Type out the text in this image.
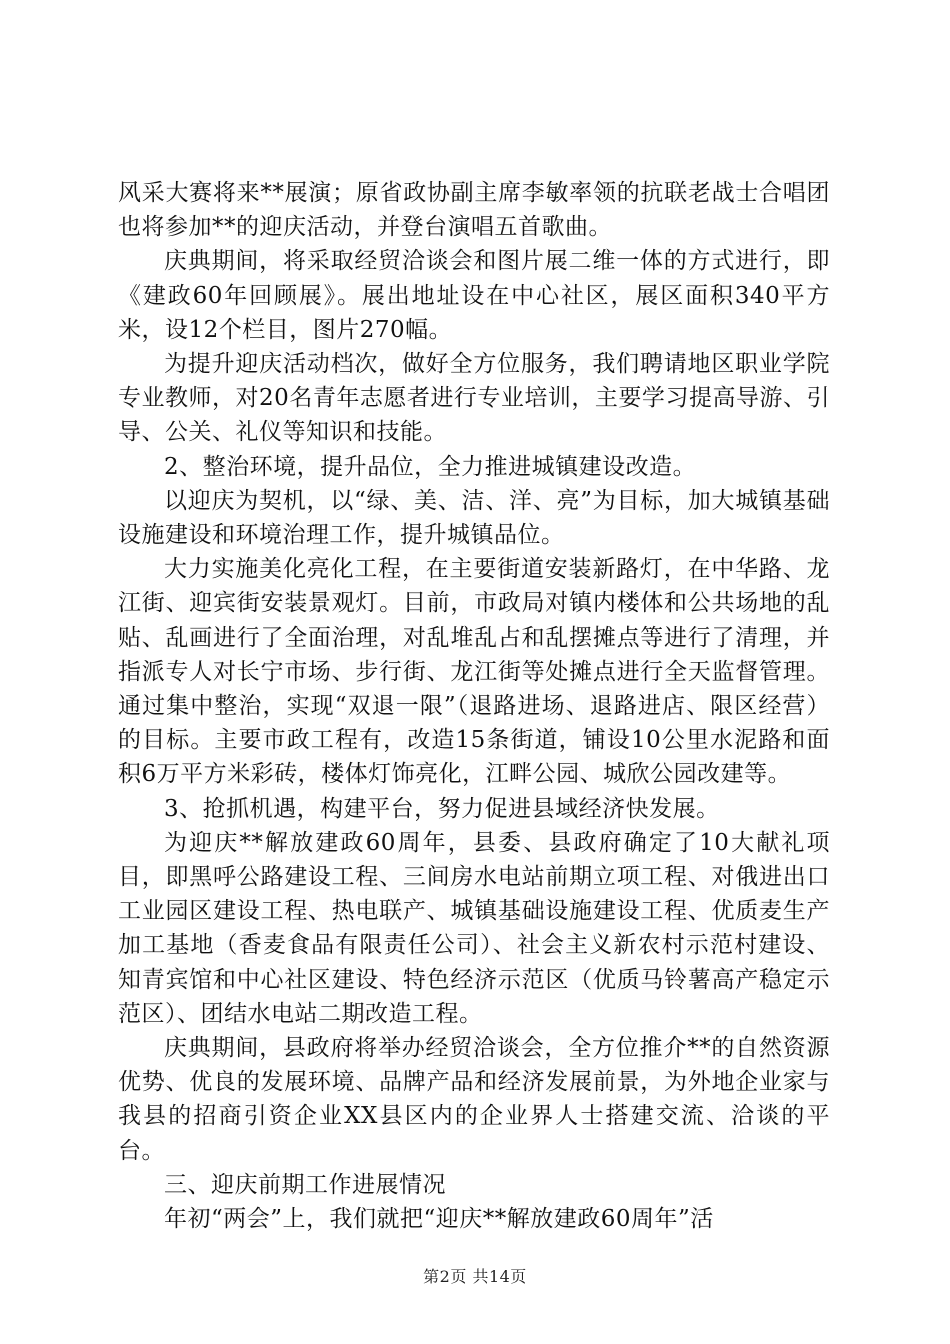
风采大赛将来**展演；原省政协副主席李敏率领的抗联老战士合唱团也将参加**的迎庆活动，并登台演唱五首歌曲。

庆典期间，将采取经贸洽谈会和图片展二维一体的方式进行，即《建政60年回顾展》。展出地址设在中心社区，展区面积340平方米，设12个栏目，图片270幅。

为提升迎庆活动档次，做好全方位服务，我们聘请地区职业学院专业教师，对20名青年志愿者进行专业培训，主要学习提高导游、引导、公关、礼仪等知识和技能。

2、整治环境，提升品位，全力推进城镇建设改造。

以迎庆为契机，以“绿、美、洁、洋、亮”为目标，加大城镇基础设施建设和环境治理工作，提升城镇品位。

大力实施美化亮化工程，在主要街道安装新路灯，在中华路、龙江街、迎宾街安装景观灯。目前，市政局对镇内楼体和公共场地的乱贴、乱画进行了全面治理，对乱堆乱占和乱摆摊点等进行了清理，并指派专人对长宁市场、步行街、龙江街等处摊点进行全天监督管理。通过集中整治，实现“双退一限”（退路进场、退路进店、限区经营）的目标。主要市政工程有，改造15条街道，铺设10公里水泥路和面积6万平方米彩砖，楼体灯饰亮化，江畔公园、城欣公园改建等。

3、抢抓机遇，构建平台，努力促进县域经济快发展。

为迎庆**解放建政60周年，县委、县政府确定了10大献礼项目，即黑呼公路建设工程、三间房水电站前期立项工程、对俄进出口工业园区建设工程、热电联产、城镇基础设施建设工程、优质麦生产加工基地（香麦食品有限责任公司）、社会主义新农村示范村建设、知青宾馆和中心社区建设、特色经济示范区（优质马铃薯高产稳定示范区）、团结水电站二期改造工程。

庆典期间，县政府将举办经贸洽谈会，全方位推介**的自然资源优势、优良的发展环境、品牌产品和经济发展前景，为外地企业家与我县的招商引资企业XX县区内的企业界人士搭建交流、洽谈的平台。

三、迎庆前期工作进展情况

年初“两会”上，我们就把“迎庆**解放建政60周年”活

第2页 共14页
